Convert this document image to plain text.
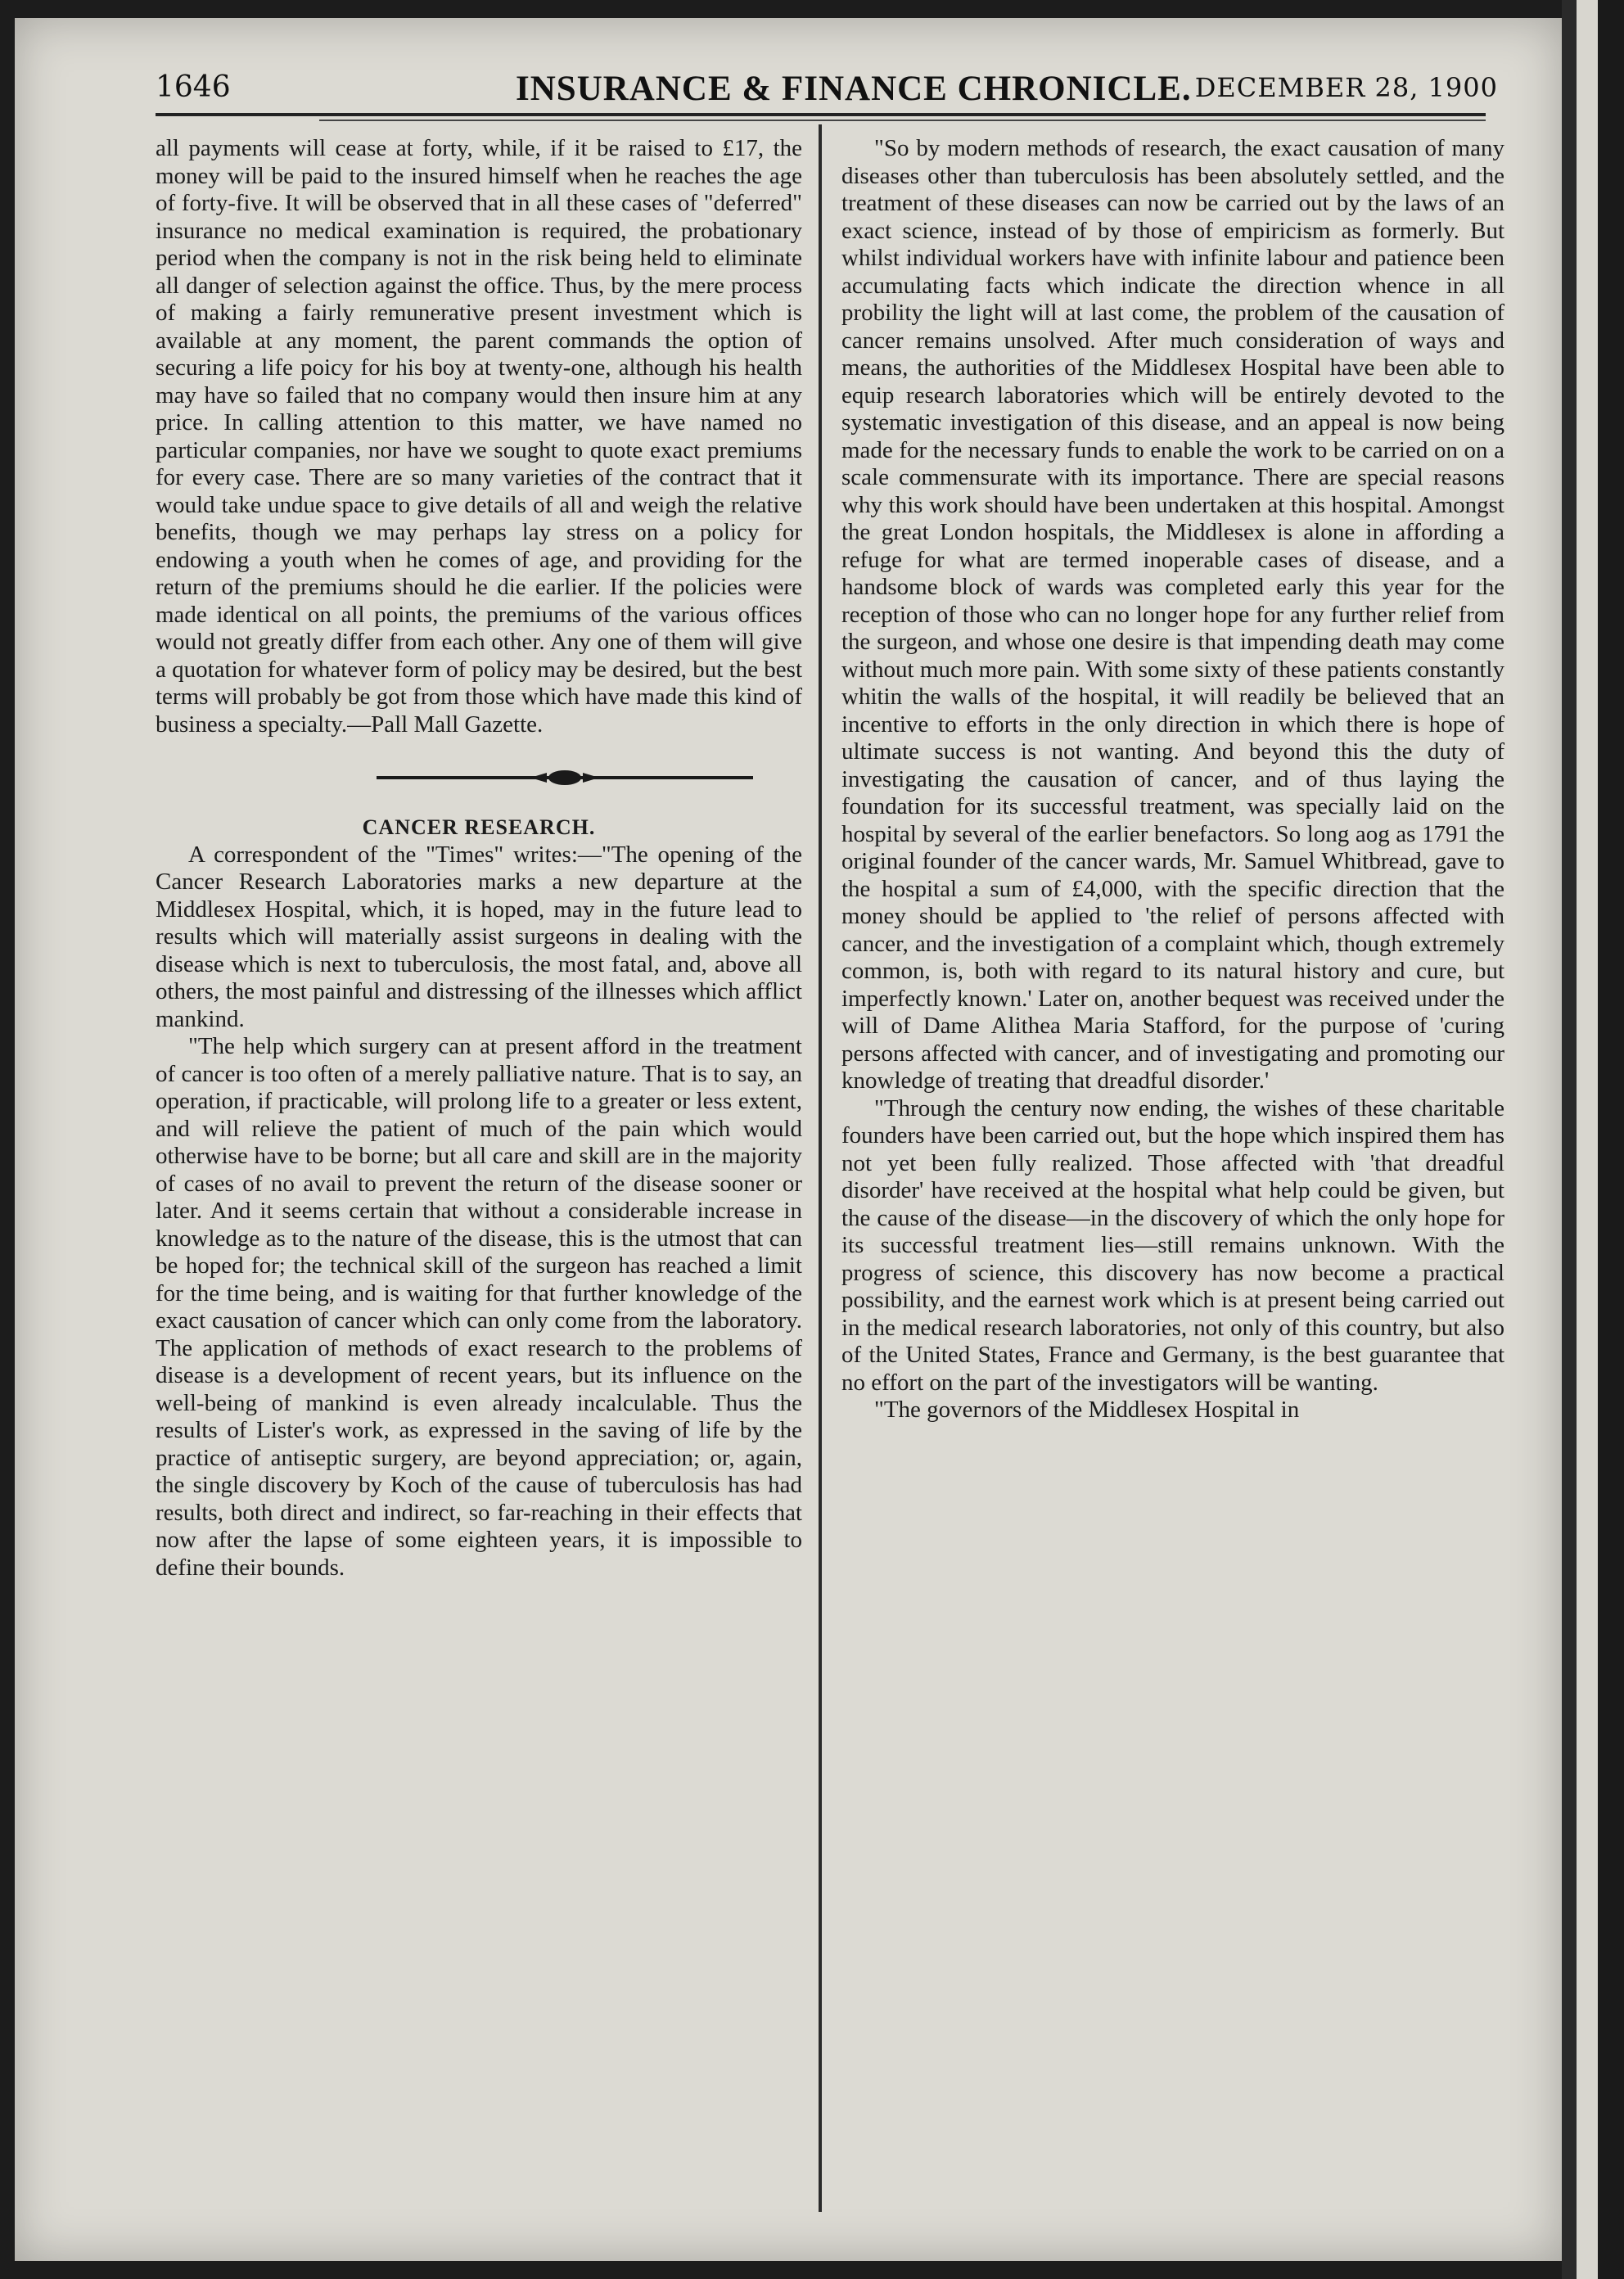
1646	INSURANCE & FINANCE CHRONICLE. DECEMBER 28, 1900

all payments will cease at forty, while, if it be raised to £17, the money will be paid to the insured himself when he reaches the age of forty-five. It will be observed that in all these cases of "deferred" insurance no medical examination is required, the probationary period when the company is not in the risk being held to eliminate all danger of selection against the office. Thus, by the mere process of making a fairly remunerative present investment which is available at any moment, the parent commands the option of securing a life poicy for his boy at twenty-one, although his health may have so failed that no company would then insure him at any price. In calling attention to this matter, we have named no particular companies, nor have we sought to quote exact premiums for every case. There are so many varieties of the contract that it would take undue space to give details of all and weigh the relative benefits, though we may perhaps lay stress on a policy for endowing a youth when he comes of age, and providing for the return of the premiums should he die earlier. If the policies were made identical on all points, the premiums of the various offices would not greatly differ from each other. Any one of them will give a quotation for whatever form of policy may be desired, but the best terms will probably be got from those which have made this kind of business a specialty.—Pall Mall Gazette.

CANCER RESEARCH.

A correspondent of the "Times" writes:—"The opening of the Cancer Research Laboratories marks a new departure at the Middlesex Hospital, which, it is hoped, may in the future lead to results which will materially assist surgeons in dealing with the disease which is next to tuberculosis, the most fatal, and, above all others, the most painful and distressing of the illnesses which afflict mankind.

"The help which surgery can at present afford in the treatment of cancer is too often of a merely palliative nature. That is to say, an operation, if practicable, will prolong life to a greater or less extent, and will relieve the patient of much of the pain which would otherwise have to be borne; but all care and skill are in the majority of cases of no avail to prevent the return of the disease sooner or later. And it seems certain that without a considerable increase in knowledge as to the nature of the disease, this is the utmost that can be hoped for; the technical skill of the surgeon has reached a limit for the time being, and is waiting for that further knowledge of the exact causation of cancer which can only come from the laboratory. The application of methods of exact research to the problems of disease is a development of recent years, but its influence on the well-being of mankind is even already incalculable. Thus the results of Lister's work, as expressed in the saving of life by the practice of antiseptic surgery, are beyond appreciation; or, again, the single discovery by Koch of the cause of tuberculosis has had results, both direct and indirect, so far-reaching in their effects that now after the lapse of some eighteen years, it is impossible to define their bounds.

"So by modern methods of research, the exact causation of many diseases other than tuberculosis has been absolutely settled, and the treatment of these diseases can now be carried out by the laws of an exact science, instead of by those of empiricism as formerly. But whilst individual workers have with infinite labour and patience been accumulating facts which indicate the direction whence in all probility the light will at last come, the problem of the causation of cancer remains unsolved. After much consideration of ways and means, the authorities of the Middlesex Hospital have been able to equip research laboratories which will be entirely devoted to the systematic investigation of this disease, and an appeal is now being made for the necessary funds to enable the work to be carried on on a scale commensurate with its importance. There are special reasons why this work should have been undertaken at this hospital. Amongst the great London hospitals, the Middlesex is alone in affording a refuge for what are termed inoperable cases of disease, and a handsome block of wards was completed early this year for the reception of those who can no longer hope for any further relief from the surgeon, and whose one desire is that impending death may come without much more pain. With some sixty of these patients constantly whitin the walls of the hospital, it will readily be believed that an incentive to efforts in the only direction in which there is hope of ultimate success is not wanting. And beyond this the duty of investigating the causation of cancer, and of thus laying the foundation for its successful treatment, was specially laid on the hospital by several of the earlier benefactors. So long aog as 1791 the original founder of the cancer wards, Mr. Samuel Whitbread, gave to the hospital a sum of £4,000, with the specific direction that the money should be applied to 'the relief of persons affected with cancer, and the investigation of a complaint which, though extremely common, is, both with regard to its natural history and cure, but imperfectly known.' Later on, another bequest was received under the will of Dame Alithea Maria Stafford, for the purpose of 'curing persons affected with cancer, and of investigating and promoting our knowledge of treating that dreadful disorder.'

"Through the century now ending, the wishes of these charitable founders have been carried out, but the hope which inspired them has not yet been fully realized. Those affected with 'that dreadful disorder' have received at the hospital what help could be given, but the cause of the disease—in the discovery of which the only hope for its successful treatment lies—still remains unknown. With the progress of science, this discovery has now become a practical possibility, and the earnest work which is at present being carried out in the medical research laboratories, not only of this country, but also of the United States, France and Germany, is the best guarantee that no effort on the part of the investigators will be wanting.

"The governors of the Middlesex Hospital in
